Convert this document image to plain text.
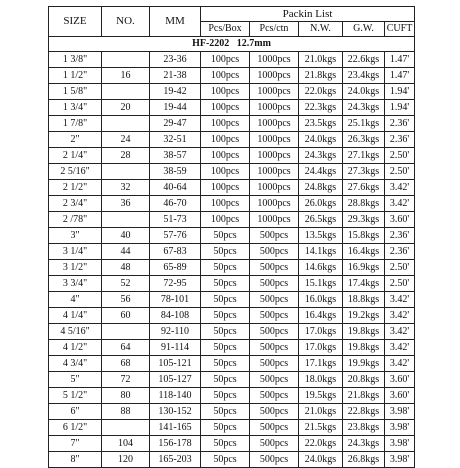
SIZE	NO.	MM	Packin List				
			Pcs/Box	Pcs/ctn	N.W.	G.W.	CUFT
HF-2202 12.7mm							
1 3/8"		23-36	100pcs	1000pcs	21.0kgs	22.6kgs	1.47'
1 1/2"	16	21-38	100pcs	1000pcs	21.8kgs	23.4kgs	1.47'
1 5/8"		19-42	100pcs	1000pcs	22.0kgs	24.0kgs	1.94'
1 3/4"	20	19-44	100pcs	1000pcs	22.3kgs	24.3kgs	1.94'
1 7/8"		29-47	100pcs	1000pcs	23.5kgs	25.1kgs	2.36'
2"	24	32-51	100pcs	1000pcs	24.0kgs	26.3kgs	2.36'
2 1/4"	28	38-57	100pcs	1000pcs	24.3kgs	27.1kgs	2.50'
2 5/16"		38-59	100pcs	1000pcs	24.4kgs	27.3kgs	2.50'
2 1/2"	32	40-64	100pcs	1000pcs	24.8kgs	27.6kgs	3.42'
2 3/4"	36	46-70	100pcs	1000pcs	26.0kgs	28.8kgs	3.42'
2 /78"		51-73	100pcs	1000pcs	26.5kgs	29.3kgs	3.60'
3"	40	57-76	50pcs	500pcs	13.5kgs	15.8kgs	2.36'
3 1/4"	44	67-83	50pcs	500pcs	14.1kgs	16.4kgs	2.36'
3 1/2"	48	65-89	50pcs	500pcs	14.6kgs	16.9kgs	2.50'
3 3/4"	52	72-95	50pcs	500pcs	15.1kgs	17.4kgs	2.50'
4"	56	78-101	50pcs	500pcs	16.0kgs	18.8kgs	3.42'
4 1/4"	60	84-108	50pcs	500pcs	16.4kgs	19.2kgs	3.42'
4 5/16"		92-110	50pcs	500pcs	17.0kgs	19.8kgs	3.42'
4 1/2"	64	91-114	50pcs	500pcs	17.0kgs	19.8kgs	3.42'
4 3/4"	68	105-121	50pcs	500pcs	17.1kgs	19.9kgs	3.42'
5"	72	105-127	50pcs	500pcs	18.0kgs	20.8kgs	3.60'
5 1/2"	80	118-140	50pcs	500pcs	19.5kgs	21.8kgs	3.60'
6"	88	130-152	50pcs	500pcs	21.0kgs	22.8kgs	3.98'
6 1/2"		141-165	50pcs	500pcs	21.5kgs	23.8kgs	3.98'
7"	104	156-178	50pcs	500pcs	22.0kgs	24.3kgs	3.98'
8"	120	165-203	50pcs	500pcs	24.0kgs	26.8kgs	3.98'
